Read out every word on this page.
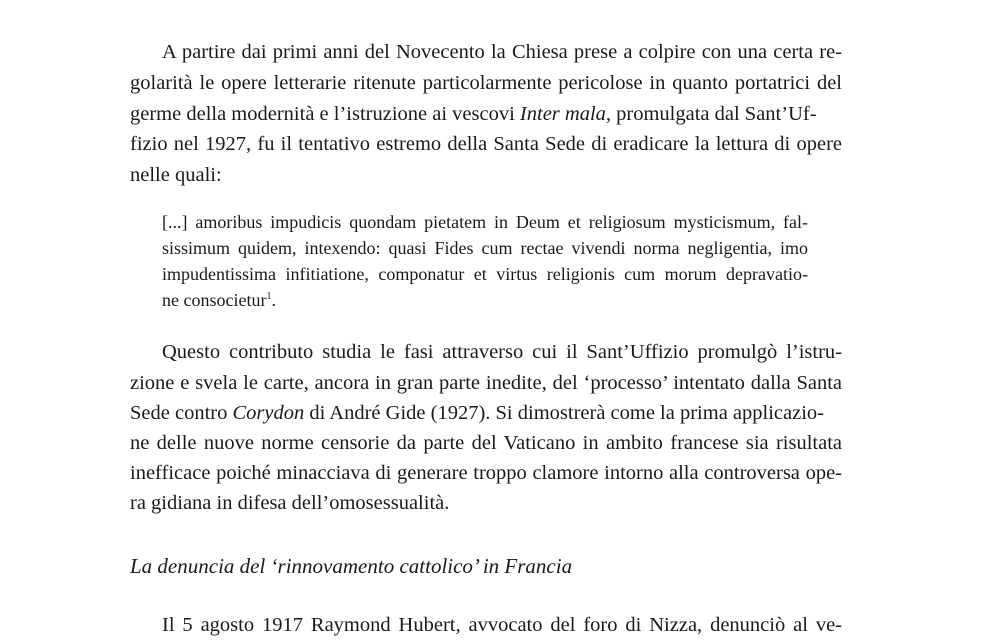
A partire dai primi anni del Novecento la Chiesa prese a colpire con una certa re-
golarità le opere letterarie ritenute particolarmente pericolose in quanto portatrici del
germe della modernità e l’istruzione ai vescovi Inter mala, promulgata dal Sant’Uf-
fizio nel 1927, fu il tentativo estremo della Santa Sede di eradicare la lettura di opere
nelle quali:
[...] amoribus impudicis quondam pietatem in Deum et religiosum mysticismum, fal-
sissimum quidem, intexendo: quasi Fides cum rectae vivendi norma negligentia, imo
impudentissima infitiatione, componatur et virtus religionis cum morum depravatio-
ne consocietur$^1$.
Questo contributo studia le fasi attraverso cui il Sant’Uffizio promulgò l’istru-
zione e svela le carte, ancora in gran parte inedite, del ‘processo’ intentato dalla Santa
Sede contro Corydon di André Gide (1927). Si dimostrerà come la prima applicazio-
ne delle nuove norme censorie da parte del Vaticano in ambito francese sia risultata
inefficace poiché minacciava di generare troppo clamore intorno alla controversa ope-
ra gidiana in difesa dell’omosessualità.
La denuncia del ‘rinnovamento cattolico’ in Francia
Il 5 agosto 1917 Raymond Hubert, avvocato del foro di Nizza, denunciò al ve-
